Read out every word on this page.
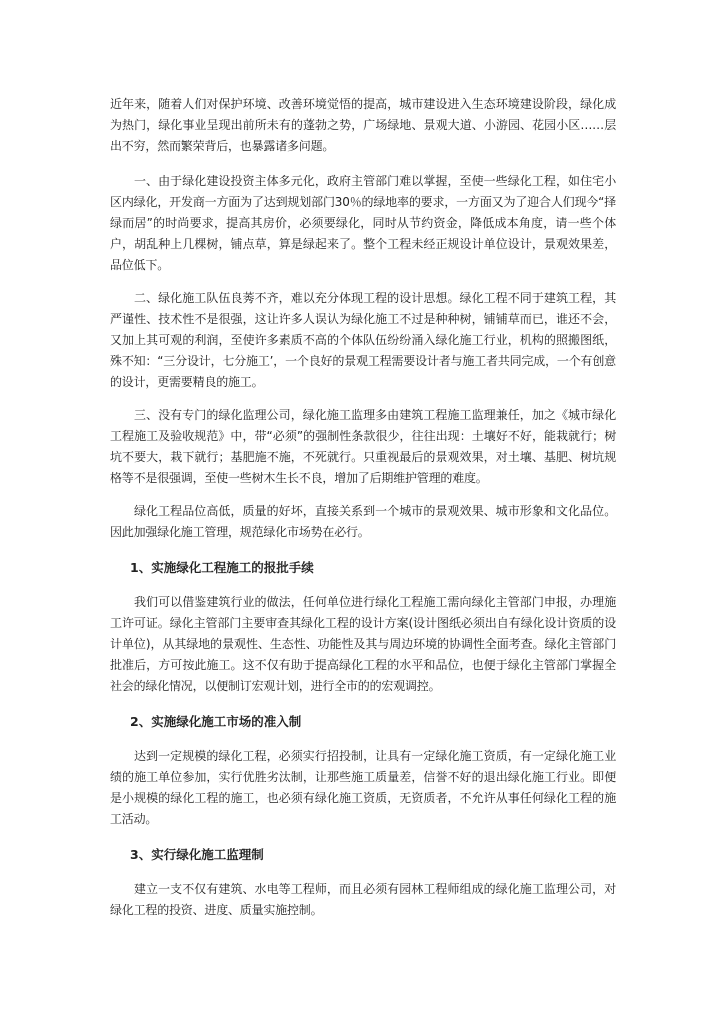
近年来，随着人们对保护环境、改善环境觉悟的提高，城市建设进入生态环境建设阶段，绿化成为热门，绿化事业呈现出前所未有的蓬勃之势，广场绿地、景观大道、小游园、花园小区……层出不穷，然而繁荣背后，也暴露诸多问题。

一、由于绿化建设投资主体多元化，政府主管部门难以掌握，至使一些绿化工程，如住宅小区内绿化，开发商一方面为了达到规划部门30％的绿地率的要求，一方面又为了迎合人们现今“择绿而居”的时尚要求，提高其房价，必须要绿化，同时从节约资金，降低成本角度，请一些个体户，胡乱种上几棵树，铺点草，算是绿起来了。整个工程未经正规设计单位设计，景观效果差，品位低下。

二、绿化施工队伍良莠不齐，难以充分体现工程的设计思想。绿化工程不同于建筑工程，其严谨性、技术性不是很强，这让许多人误认为绿化施工不过是种种树，铺铺草而已，谁还不会，又加上其可观的利润，至使许多素质不高的个体队伍纷纷涌入绿化施工行业，机构的照搬图纸，殊不知：“三分设计，七分施工’，一个良好的景观工程需要设计者与施工者共同完成，一个有创意的设计，更需要精良的施工。

三、没有专门的绿化监理公司，绿化施工监理多由建筑工程施工监理兼任，加之《城市绿化工程施工及验收规范》中，带“必须”的强制性条款很少，往往出现：土壤好不好，能栽就行；树坑不要大，栽下就行；基肥施不施，不死就行。只重视最后的景观效果，对土壤、基肥、树坑规格等不是很强调，至使一些树木生长不良，增加了后期维护管理的难度。

绿化工程品位高低，质量的好坏，直接关系到一个城市的景观效果、城市形象和文化品位。因此加强绿化施工管理，规范绿化市场势在必行。

1、实施绿化工程施工的报批手续

我们可以借鉴建筑行业的做法，任何单位进行绿化工程施工需向绿化主管部门申报，办理施工许可证。绿化主管部门主要审查其绿化工程的设计方案(设计图纸必须出自有绿化设计资质的设计单位)，从其绿地的景观性、生态性、功能性及其与周边环境的协调性全面考查。绿化主管部门批准后，方可按此施工。这不仅有助于提高绿化工程的水平和品位，也便于绿化主管部门掌握全社会的绿化情况，以便制订宏观计划，进行全市的的宏观调控。

2、实施绿化施工市场的准入制

达到一定规模的绿化工程，必须实行招投制，让具有一定绿化施工资质，有一定绿化施工业绩的施工单位参加，实行优胜劣汰制，让那些施工质量差，信誉不好的退出绿化施工行业。即便是小规模的绿化工程的施工，也必须有绿化施工资质，无资质者，不允许从事任何绿化工程的施工活动。

3、实行绿化施工监理制

建立一支不仅有建筑、水电等工程师，而且必须有园林工程师组成的绿化施工监理公司，对绿化工程的投资、进度、质量实施控制。
